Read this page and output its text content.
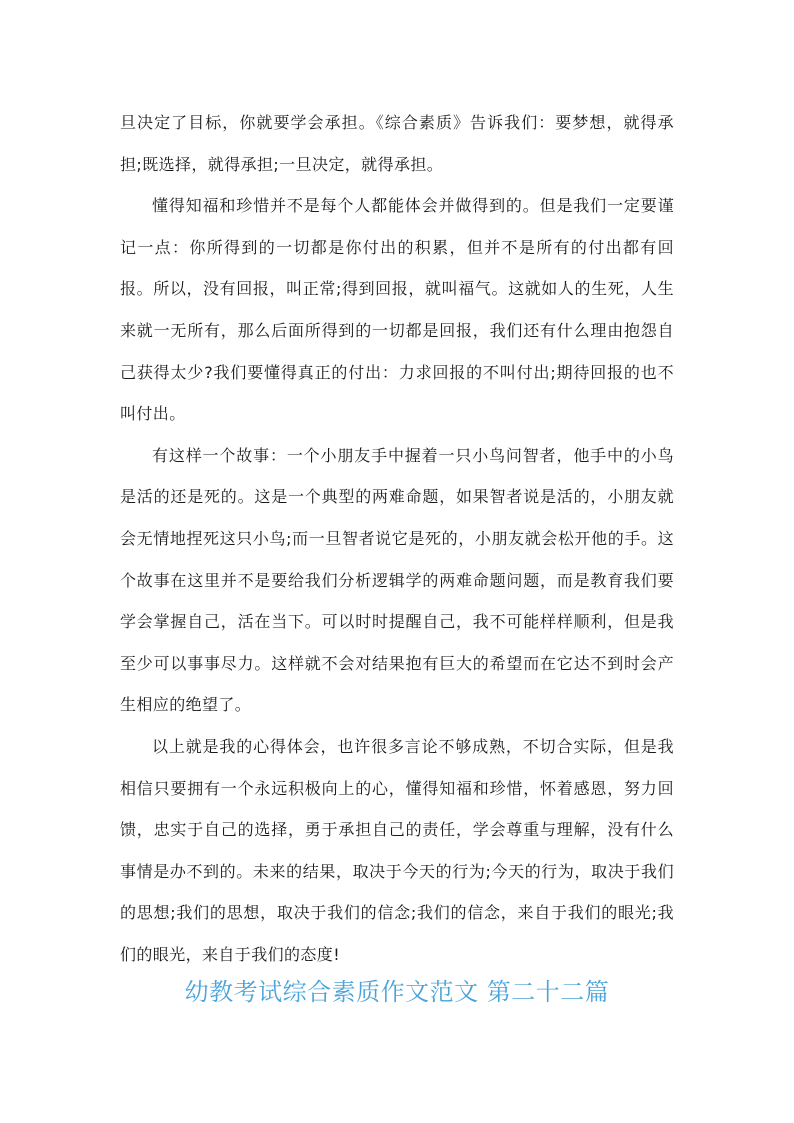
旦决定了目标，你就要学会承担。《综合素质》告诉我们：要梦想，就得承担;既选择，就得承担;一旦决定，就得承担。

懂得知福和珍惜并不是每个人都能体会并做得到的。但是我们一定要谨记一点：你所得到的一切都是你付出的积累，但并不是所有的付出都有回报。所以，没有回报，叫正常;得到回报，就叫福气。这就如人的生死，人生来就一无所有，那么后面所得到的一切都是回报，我们还有什么理由抱怨自己获得太少?我们要懂得真正的付出：力求回报的不叫付出;期待回报的也不叫付出。

有这样一个故事：一个小朋友手中握着一只小鸟问智者，他手中的小鸟是活的还是死的。这是一个典型的两难命题，如果智者说是活的，小朋友就会无情地捏死这只小鸟;而一旦智者说它是死的，小朋友就会松开他的手。这个故事在这里并不是要给我们分析逻辑学的两难命题问题，而是教育我们要学会掌握自己，活在当下。可以时时提醒自己，我不可能样样顺利，但是我至少可以事事尽力。这样就不会对结果抱有巨大的希望而在它达不到时会产生相应的绝望了。

以上就是我的心得体会，也许很多言论不够成熟，不切合实际，但是我相信只要拥有一个永远积极向上的心，懂得知福和珍惜，怀着感恩，努力回馈，忠实于自己的选择，勇于承担自己的责任，学会尊重与理解，没有什么事情是办不到的。未来的结果，取决于今天的行为;今天的行为，取决于我们的思想;我们的思想，取决于我们的信念;我们的信念，来自于我们的眼光;我们的眼光，来自于我们的态度!

幼教考试综合素质作文范文 第二十二篇
